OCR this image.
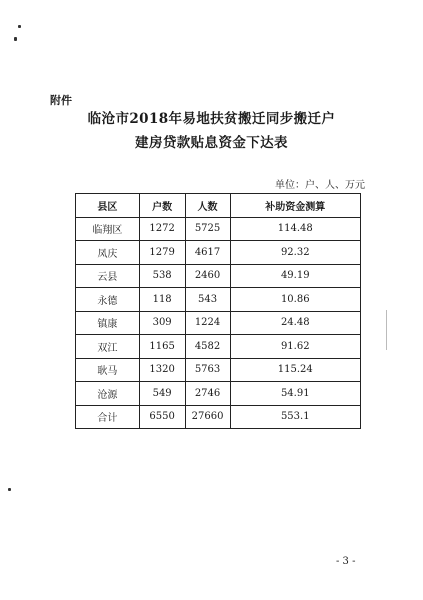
附件
临沧市2018年易地扶贫搬迁同步搬迁户
建房贷款贴息资金下达表
单位：户、人、万元
县区	户数	人数	补助资金测算
临翔区	1272	5725	114.48
凤庆	1279	4617	92.32
云县	538	2460	49.19
永德	118	543	10.86
镇康	309	1224	24.48
双江	1165	4582	91.62
耿马	1320	5763	115.24
沧源	549	2746	54.91
合计	6550	27660	553.1
- 3 -
